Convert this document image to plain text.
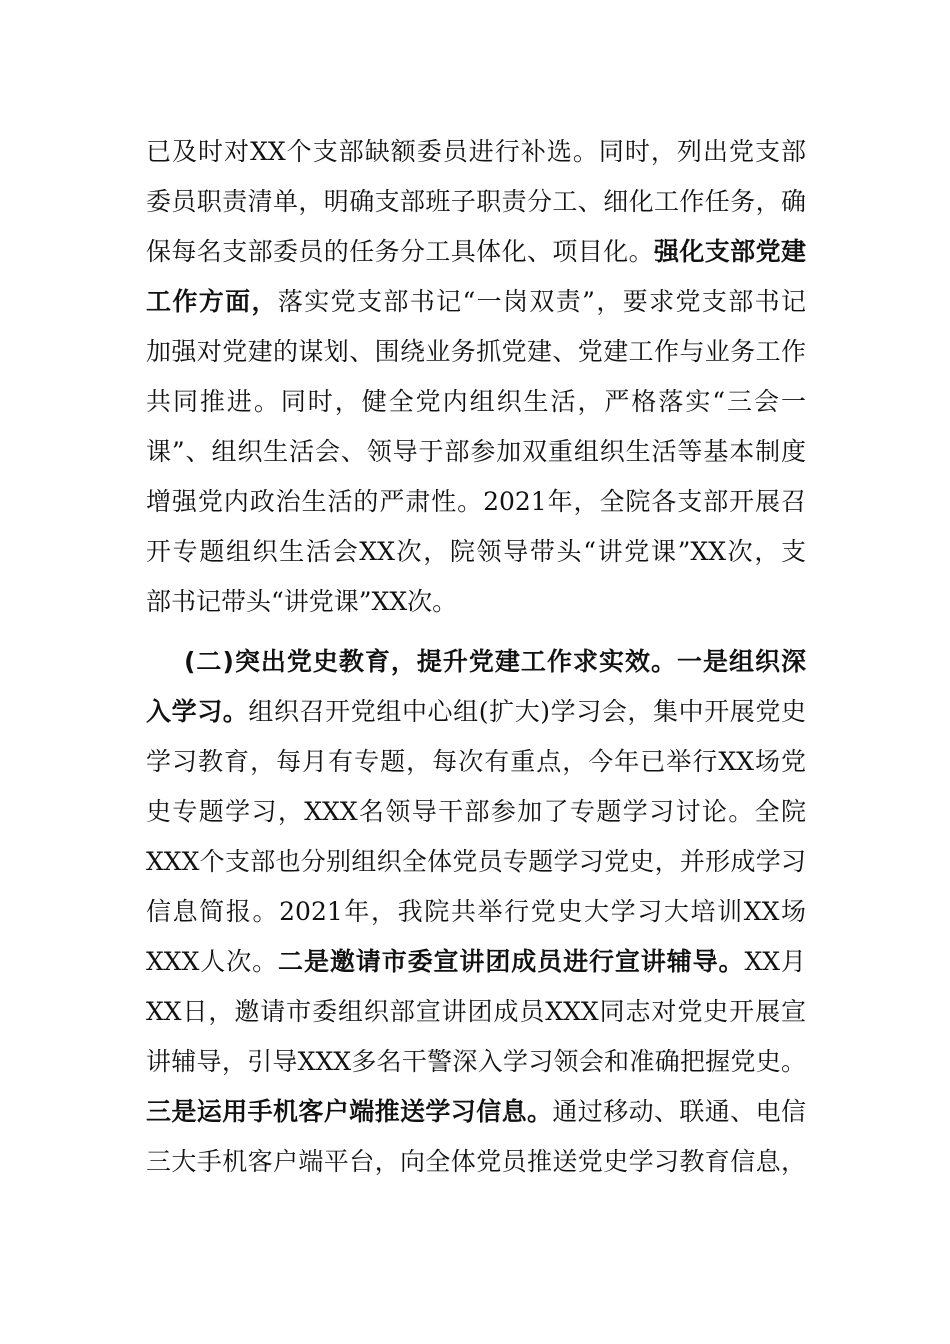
已及时对XX个支部缺额委员进行补选。同时，列出党支部
委员职责清单，明确支部班子职责分工、细化工作任务，确
保每名支部委员的任务分工具体化、项目化。强化支部党建
工作方面，落实党支部书记“一岗双责”，要求党支部书记
加强对党建的谋划、围绕业务抓党建、党建工作与业务工作
共同推进。同时，健全党内组织生活，严格落实“三会一
课”、组织生活会、领导于部参加双重组织生活等基本制度
增强党内政治生活的严肃性。2021年，全院各支部开展召
开专题组织生活会XX次，院领导带头“讲党课”XX次，支
部书记带头“讲党课”XX次。
(二)突出党史教育，提升党建工作求实效。一是组织深
入学习。组织召开党组中心组(扩大)学习会，集中开展党史
学习教育，每月有专题，每次有重点，今年已举行XX场党
史专题学习，XXX名领导干部参加了专题学习讨论。全院
XXX个支部也分别组织全体党员专题学习党史，并形成学习
信息简报。2021年，我院共举行党史大学习大培训XX场
XXX人次。二是邀请市委宣讲团成员进行宣讲辅导。XX月
XX日，邀请市委组织部宣讲团成员XXX同志对党史开展宣
讲辅导，引导XXX多名干警深入学习领会和准确把握党史。
三是运用手机客户端推送学习信息。通过移动、联通、电信
三大手机客户端平台，向全体党员推送党史学习教育信息，
